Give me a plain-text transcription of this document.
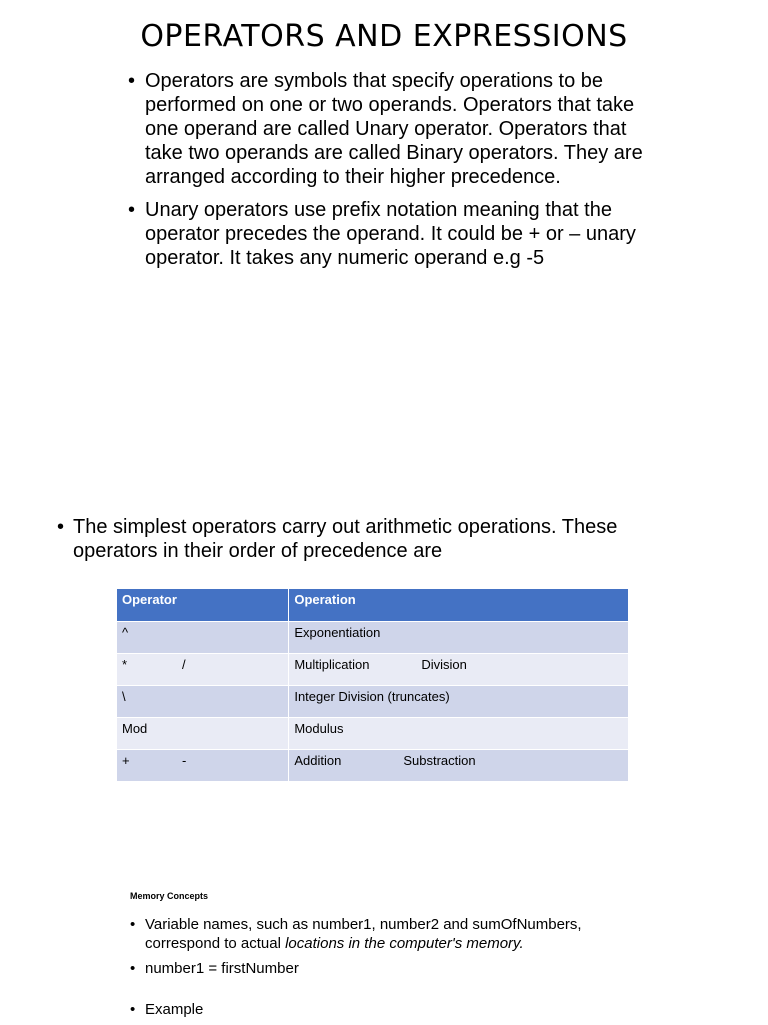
OPERATORS AND EXPRESSIONS
• Operators are symbols that specify operations to be performed on one or two operands. Operators that take one operand are called Unary operator. Operators that take two operands are called Binary operators. They are arranged according to their higher precedence.
• Unary operators use prefix notation meaning that the operator precedes the operand. It could be + or – unary operator. It takes any numeric operand e.g -5
• The simplest operators carry out arithmetic operations. These operators in their order of precedence are
Operator	Operation
^	Exponentiation
* /	Multiplication Division
\	Integer Division (truncates)
Mod	Modulus
+ -	Addition Substraction
Memory Concepts
• Variable names, such as number1, number2 and sumOfNumbers, correspond to actual locations in the computer's memory.
• number1 = firstNumber
• Example
